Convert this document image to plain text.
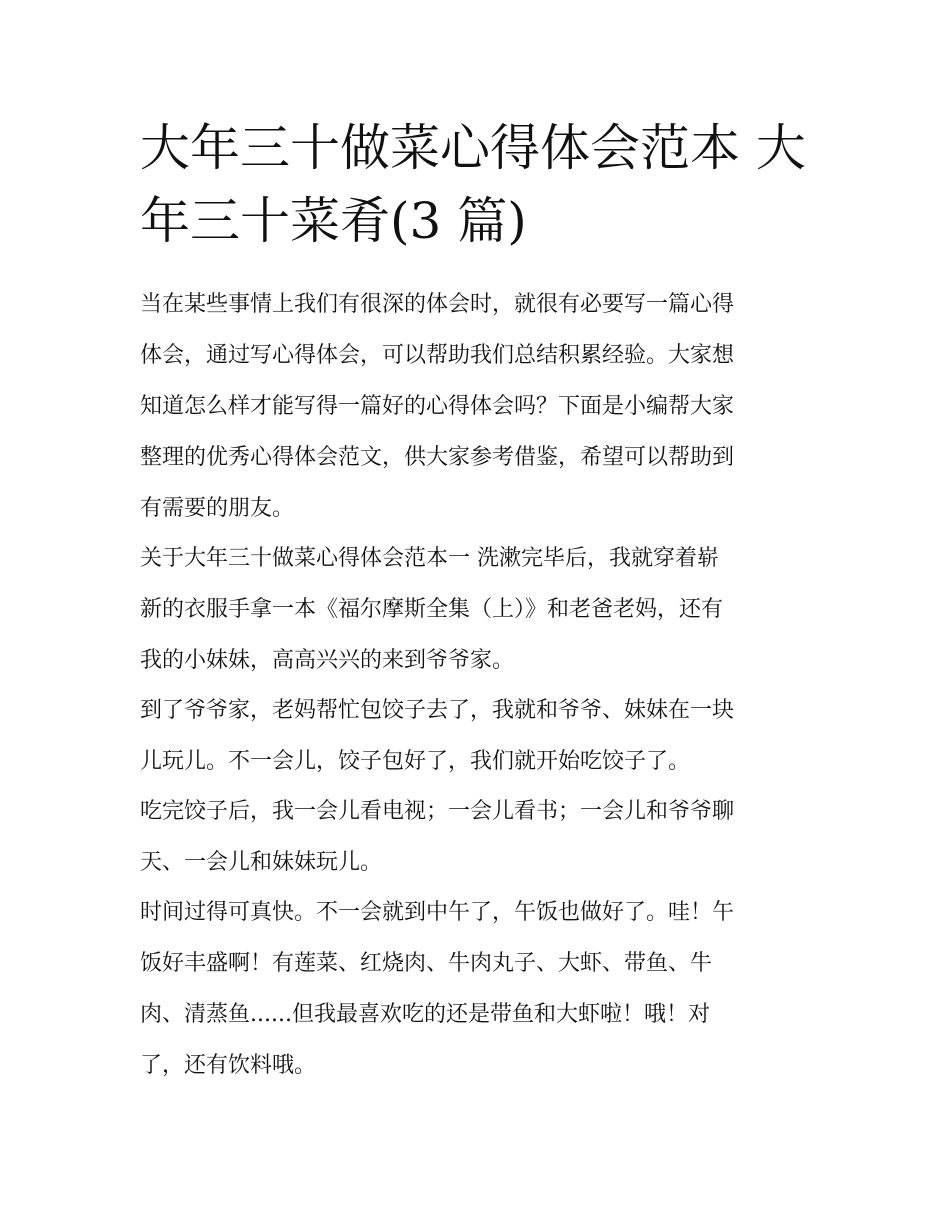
大年三十做菜心得体会范本 大
年三十菜肴(3 篇)
当在某些事情上我们有很深的体会时，就很有必要写一篇心得
体会，通过写心得体会，可以帮助我们总结积累经验。大家想
知道怎么样才能写得一篇好的心得体会吗？下面是小编帮大家
整理的优秀心得体会范文，供大家参考借鉴，希望可以帮助到
有需要的朋友。
关于大年三十做菜心得体会范本一 洗漱完毕后，我就穿着崭
新的衣服手拿一本《福尔摩斯全集（上）》和老爸老妈，还有
我的小妹妹，高高兴兴的来到爷爷家。
到了爷爷家，老妈帮忙包饺子去了，我就和爷爷、妹妹在一块
儿玩儿。不一会儿，饺子包好了，我们就开始吃饺子了。
吃完饺子后，我一会儿看电视；一会儿看书；一会儿和爷爷聊
天、一会儿和妹妹玩儿。
时间过得可真快。不一会就到中午了，午饭也做好了。哇！午
饭好丰盛啊！有莲菜、红烧肉、牛肉丸子、大虾、带鱼、牛
肉、清蒸鱼......但我最喜欢吃的还是带鱼和大虾啦！哦！对
了，还有饮料哦。
